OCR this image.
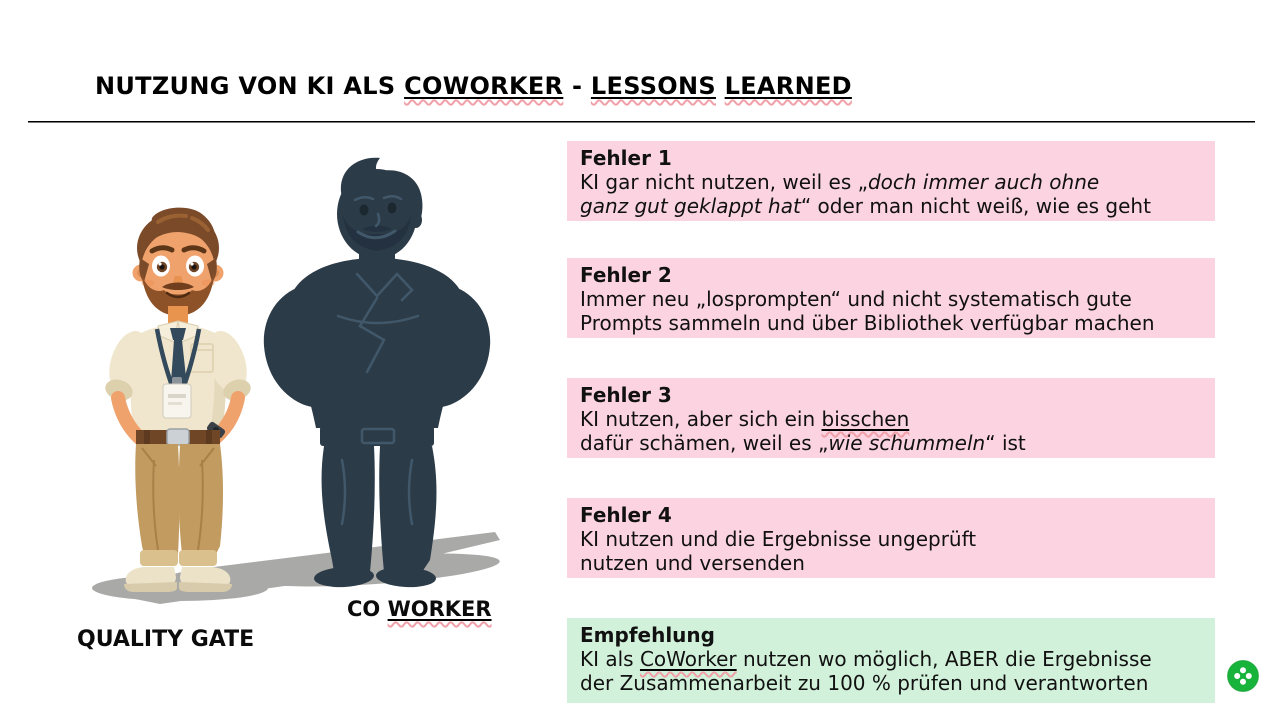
NUTZUNG VON KI ALS COWORKER - LESSONS LEARNED
CO WORKER
QUALITY GATE
Fehler 1
KI gar nicht nutzen, weil es „doch immer auch ohne
ganz gut geklappt hat“ oder man nicht weiß, wie es geht
Fehler 2
Immer neu „losprompten“ und nicht systematisch gute
Prompts sammeln und über Bibliothek verfügbar machen
Fehler 3
KI nutzen, aber sich ein bisschen
dafür schämen, weil es „wie schummeln“ ist
Fehler 4
KI nutzen und die Ergebnisse ungeprüft
nutzen und versenden
Empfehlung
KI als CoWorker nutzen wo möglich, ABER die Ergebnisse
der Zusammenarbeit zu 100 % prüfen und verantworten
